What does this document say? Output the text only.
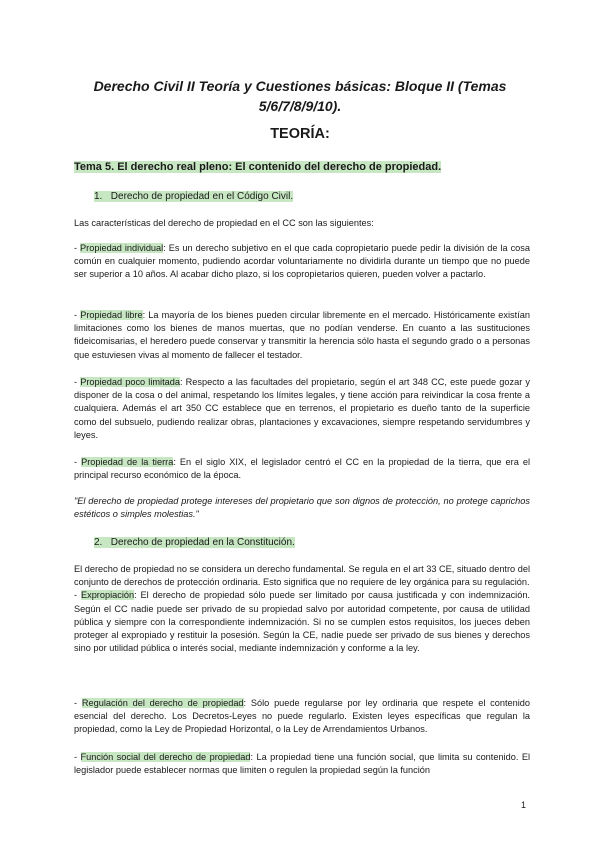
Derecho Civil II Teoría y Cuestiones básicas: Bloque II (Temas
5/6/7/8/9/10).
TEORÍA:
Tema 5. El derecho real pleno: El contenido del derecho de propiedad.
1. Derecho de propiedad en el Código Civil.
Las características del derecho de propiedad en el CC son las siguientes:
- Propiedad individual: Es un derecho subjetivo en el que cada copropietario puede pedir la división de la cosa común en cualquier momento, pudiendo acordar voluntariamente no dividirla durante un tiempo que no puede ser superior a 10 años. Al acabar dicho plazo, si los copropietarios quieren, pueden volver a pactarlo.
- Propiedad libre: La mayoría de los bienes pueden circular libremente en el mercado. Históricamente existían limitaciones como los bienes de manos muertas, que no podían venderse. En cuanto a las sustituciones fideicomisarias, el heredero puede conservar y transmitir la herencia sólo hasta el segundo grado o a personas que estuviesen vivas al momento de fallecer el testador.
- Propiedad poco limitada: Respecto a las facultades del propietario, según el art 348 CC, este puede gozar y disponer de la cosa o del animal, respetando los límites legales, y tiene acción para reivindicar la cosa frente a cualquiera. Además el art 350 CC establece que en terrenos, el propietario es dueño tanto de la superficie como del subsuelo, pudiendo realizar obras, plantaciones y excavaciones, siempre respetando servidumbres y leyes.
- Propiedad de la tierra: En el siglo XIX, el legislador centró el CC en la propiedad de la tierra, que era el principal recurso económico de la época.
"El derecho de propiedad protege intereses del propietario que son dignos de protección, no protege caprichos estéticos o simples molestias."
2. Derecho de propiedad en la Constitución.
El derecho de propiedad no se considera un derecho fundamental. Se regula en el art 33 CE, situado dentro del conjunto de derechos de protección ordinaria. Esto significa que no requiere de ley orgánica para su regulación.
- Expropiación: El derecho de propiedad sólo puede ser limitado por causa justificada y con indemnización. Según el CC nadie puede ser privado de su propiedad salvo por autoridad competente, por causa de utilidad pública y siempre con la correspondiente indemnización. Si no se cumplen estos requisitos, los jueces deben proteger al expropiado y restituir la posesión. Según la CE, nadie puede ser privado de sus bienes y derechos sino por utilidad pública o interés social, mediante indemnización y conforme a la ley.
- Regulación del derecho de propiedad: Sólo puede regularse por ley ordinaria que respete el contenido esencial del derecho. Los Decretos-Leyes no puede regularlo. Existen leyes específicas que regulan la propiedad, como la Ley de Propiedad Horizontal, o la Ley de Arrendamientos Urbanos.
- Función social del derecho de propiedad: La propiedad tiene una función social, que limita su contenido. El legislador puede establecer normas que limiten o regulen la propiedad según la función
1
